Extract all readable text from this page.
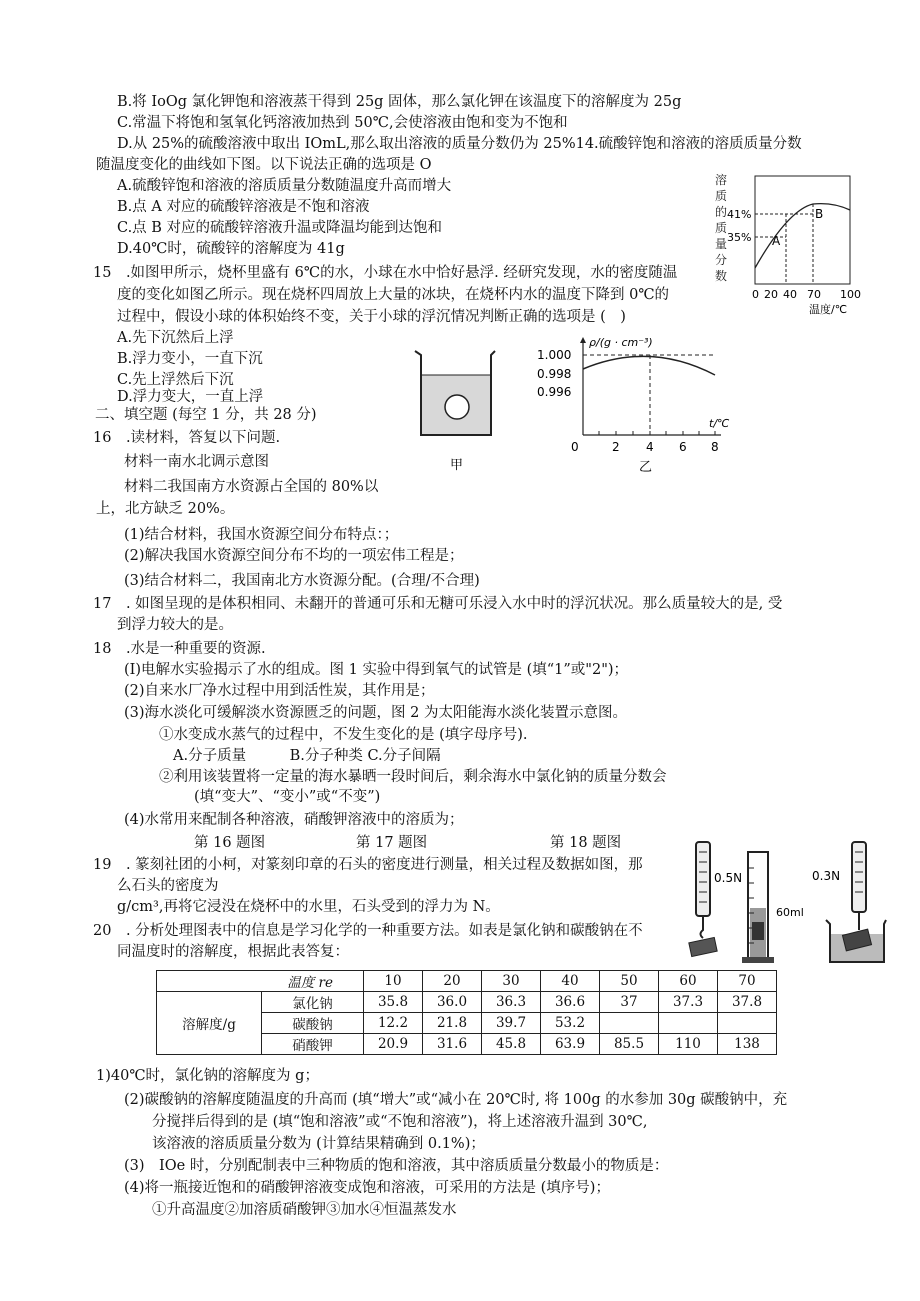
B.将 IoOg 氯化钾饱和溶液蒸干得到 25g 固体，那么氯化钾在该温度下的溶解度为 25g
C.常温下将饱和氢氧化钙溶液加热到 50℃,会使溶液由饱和变为不饱和
D.从 25%的硫酸溶液中取出 IOmL,那么取出溶液的质量分数仍为 25%14.硫酸锌饱和溶液的溶质质量分数
随温度变化的曲线如下图。以下说法正确的选项是 O
A.硫酸锌饱和溶液的溶质质量分数随温度升高而增大
B.点 A 对应的硫酸锌溶液是不饱和溶液
C.点 B 对应的硫酸锌溶液升温或降温均能到达饱和
D.40℃时，硫酸锌的溶解度为 41g
15　.如图甲所示，烧杯里盛有 6℃的水，小球在水中恰好悬浮. 经研究发现，水的密度随温
度的变化如图乙所示。现在烧杯四周放上大量的冰块，在烧杯内水的温度下降到 0℃的
过程中，假设小球的体积始终不变，关于小球的浮沉情况判断正确的选项是 (　)
A.先下沉然后上浮
B.浮力变小，一直下沉
C.先上浮然后下沉
D.浮力变大，一直上浮
二、填空题 (每空 1 分，共 28 分)
16　.读材料，答复以下问题.
材料一南水北调示意图
材料二我国南方水资源占全国的 80%以
上，北方缺乏 20%。
(1)结合材料，我国水资源空间分布特点：；
(2)解决我国水资源空间分布不均的一项宏伟工程是；
(3)结合材料二，我国南北方水资源分配。(合理/不合理)
17　. 如图呈现的是体积相同、未翻开的普通可乐和无糖可乐浸入水中时的浮沉状况。那么质量较大的是, 受
到浮力较大的是。
18　.水是一种重要的资源.
(I)电解水实验揭示了水的组成。图 1 实验中得到氧气的试管是 (填“1”或"2")；
(2)自来水厂净水过程中用到活性炭，其作用是；
(3)海水淡化可缓解淡水资源匮乏的问题，图 2 为太阳能海水淡化装置示意图。
①水变成水蒸气的过程中，不发生变化的是 (填字母序号).
A.分子质量　　　B.分子种类 C.分子间隔
②利用该装置将一定量的海水暴晒一段时间后，剩余海水中氯化钠的质量分数会
(填“变大”、“变小”或“不变”)
(4)水常用来配制各种溶液，硝酸钾溶液中的溶质为；
第 16 题图	第 17 题图	第 18 题图
19　. 篆刻社团的小柯，对篆刻印章的石头的密度进行测量，相关过程及数据如图，那
么石头的密度为
g/cm³,再将它浸没在烧杯中的水里，石头受到的浮力为 N。
20　. 分析处理图表中的信息是学习化学的一种重要方法。如表是氯化钠和碳酸钠在不
同温度时的溶解度，根据此表答复：
1)40℃时，氯化钠的溶解度为 g；
(2)碳酸钠的溶解度随温度的升高而 (填“增大”或“减小在 20℃时, 将 100g 的水参加 30g 碳酸钠中，充
分搅拌后得到的是 (填“饱和溶液”或“不饱和溶液”)，将上述溶液升温到 30℃,
该溶液的溶质质量分数为 (计算结果精确到 0.1%)；
(3)　IOe 时，分别配制表中三种物质的饱和溶液，其中溶质质量分数最小的物质是：
(4)将一瓶接近饱和的硝酸钾溶液变成饱和溶液，可采用的方法是 (填序号)；
①升高温度②加溶质硝酸钾③加水④恒温蒸发水
溶
质
的
质
量
分
数
41%
35% A
B
0 20 40 70 100
温度/℃
甲
ρ/(g · cm⁻³)
t/℃
1.000
0.998
0.996
0	2 4 6 8
乙
0.5N
60ml
0.3N
温度 re		10	20	30	40	50	60	70
溶解度/g	氯化钠	35.8	36.0	36.3	36.6	37	37.3	37.8
	碳酸钠	12.2	21.8	39.7	53.2			
	硝酸钾	20.9	31.6	45.8	63.9	85.5	110	138
